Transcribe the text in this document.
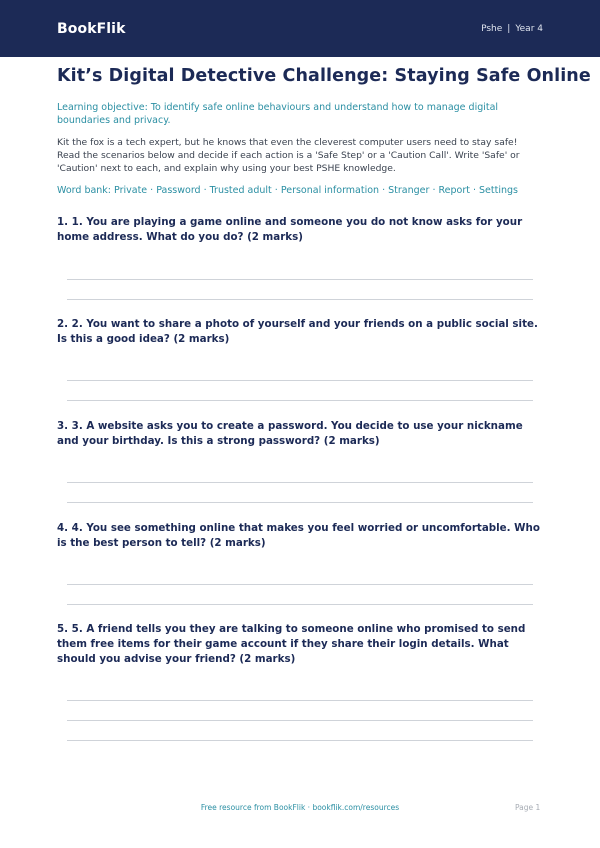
BookFlik	Pshe | Year 4
Kit’s Digital Detective Challenge: Staying Safe Online
Learning objective: To identify safe online behaviours and understand how to manage digital boundaries and privacy.
Kit the fox is a tech expert, but he knows that even the cleverest computer users need to stay safe! Read the scenarios below and decide if each action is a 'Safe Step' or a 'Caution Call'. Write 'Safe' or 'Caution' next to each, and explain why using your best PSHE knowledge.
Word bank: Private · Password · Trusted adult · Personal information · Stranger · Report · Settings
1. 1. You are playing a game online and someone you do not know asks for your home address. What do you do? (2 marks)
2. 2. You want to share a photo of yourself and your friends on a public social site. Is this a good idea? (2 marks)
3. 3. A website asks you to create a password. You decide to use your nickname and your birthday. Is this a strong password? (2 marks)
4. 4. You see something online that makes you feel worried or uncomfortable. Who is the best person to tell? (2 marks)
5. 5. A friend tells you they are talking to someone online who promised to send them free items for their game account if they share their login details. What should you advise your friend? (2 marks)
Free resource from BookFlik · bookflik.com/resources	Page 1
